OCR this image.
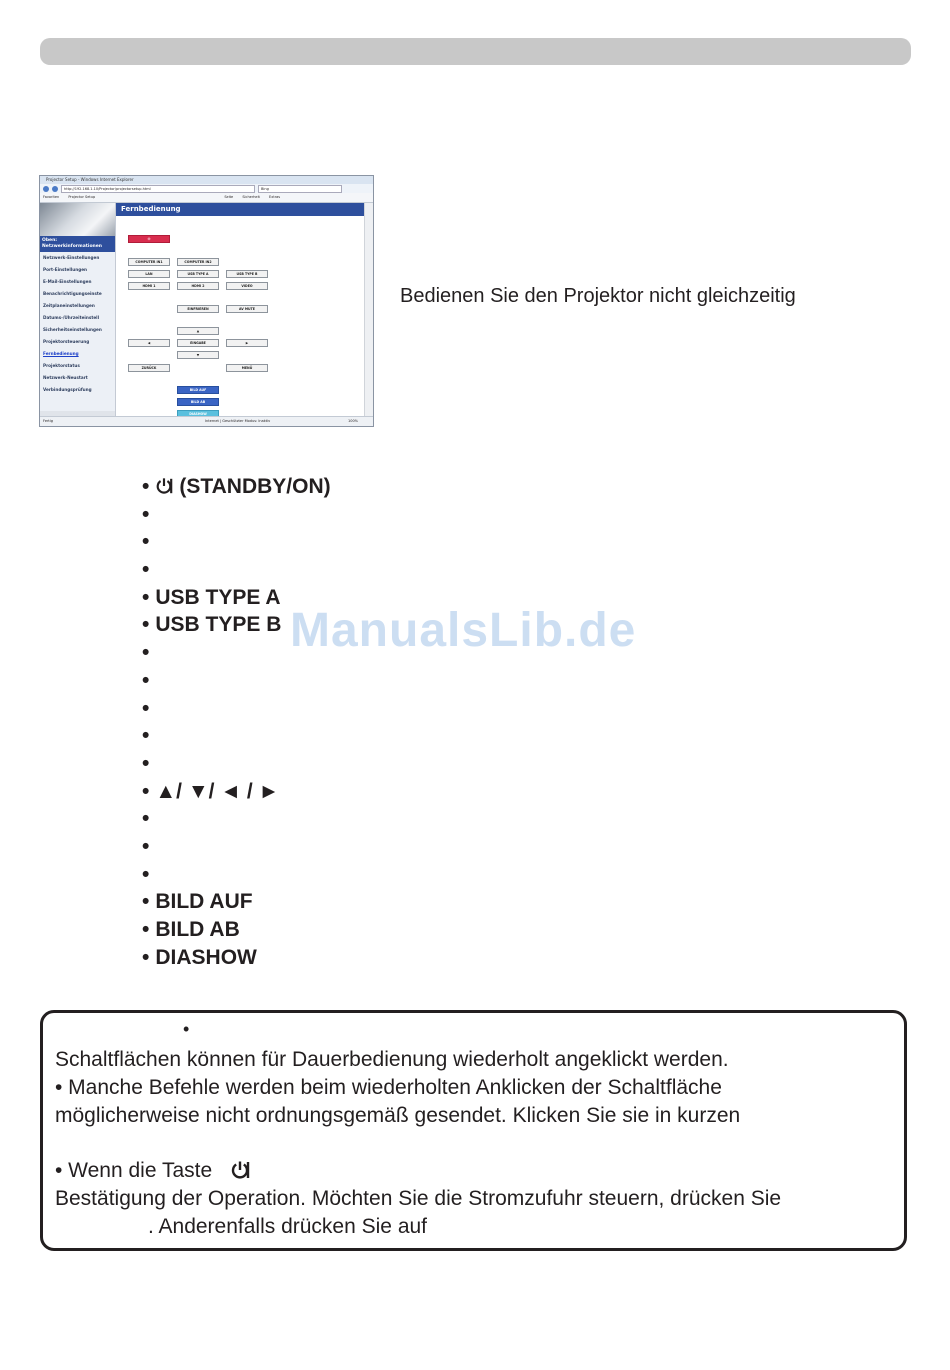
Projector Setup - Windows Internet Explorer
http://192.168.1.10/Projector/projectorsetup.html	Bing
Favoriten	Projector Setup	Seite	Sicherheit	Extras
Oben: Netzwerkinformationen
Netzwerk-Einstellungen
Port-Einstellungen
E-Mail-Einstellungen
Benachrichtigungseinste
Zeitplaneinstellungen
Datums-/Uhrzeiteinstell
Sicherheitseinstellungen
Projektorsteuerung
Fernbedienung
Projektorstatus
Netzwerk-Neustart
Verbindungsprüfung
Fernbedienung
⏻
COMPUTER IN1	COMPUTER IN2
LAN	USB TYPE A	USB TYPE B
HDMI 1	HDMI 2	VIDEO
EINFRIEREN	AV MUTE
▲
◀	EINGABE	▶
▼
ZURÜCK	MENÜ
BILD AUF
BILD AB
DIASHOW
Fertig	Internet | Geschützter Modus: Inaktiv	100%
Bedienen Sie den Projektor nicht gleichzeitig
• (STANDBY/ON)
•
•
•
• USB TYPE A
• USB TYPE B
•
•
•
•
•
• ▲/ ▼/ ◄ / ►
•
•
•
• BILD AUF
• BILD AB
• DIASHOW
ManualsLib.de
•
Schaltflächen können für Dauerbedienung wiederholt angeklickt werden.
• Manche Befehle werden beim wiederholten Anklicken der Schaltfläche
möglicherweise nicht ordnungsgemäß gesendet. Klicken Sie sie in kurzen
• Wenn die Taste
Bestätigung der Operation. Möchten Sie die Stromzufuhr steuern, drücken Sie
. Anderenfalls drücken Sie auf
